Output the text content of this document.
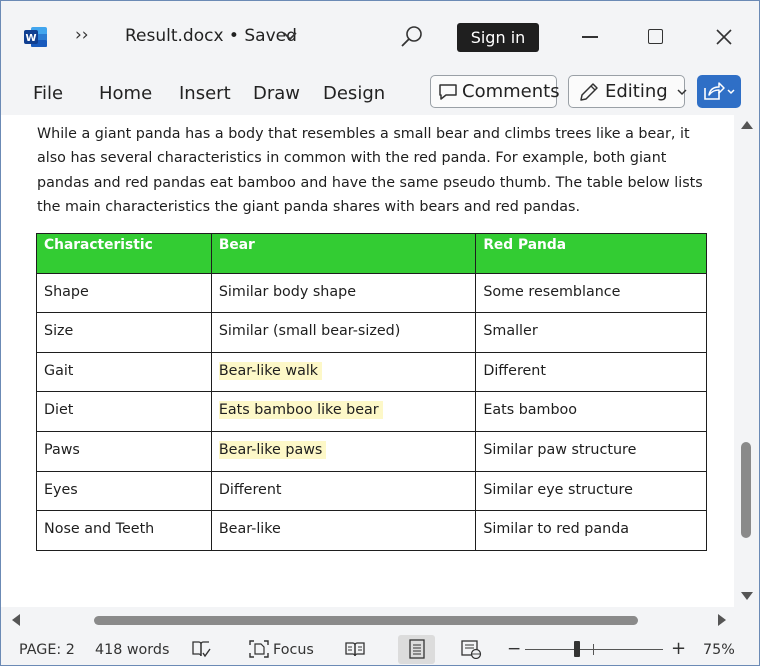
W ›› Result.docx • Saved	Sign in
File Home Insert Draw Design	Comments	Editing

While a giant panda has a body that resembles a small bear and climbs trees like a bear, it also has several characteristics in common with the red panda. For example, both giant pandas and red pandas eat bamboo and have the same pseudo thumb. The table below lists the main characteristics the giant panda shares with bears and red pandas.

Characteristic	Bear	Red Panda
Shape	Similar body shape	Some resemblance
Size	Similar (small bear-sized)	Smaller
Gait	Bear-like walk	Different
Diet	Eats bamboo like bear	Eats bamboo
Paws	Bear-like paws	Similar paw structure
Eyes	Different	Similar eye structure
Nose and Teeth	Bear-like	Similar to red panda
PAGE: 2 418 words	Focus	−	+ 75%
